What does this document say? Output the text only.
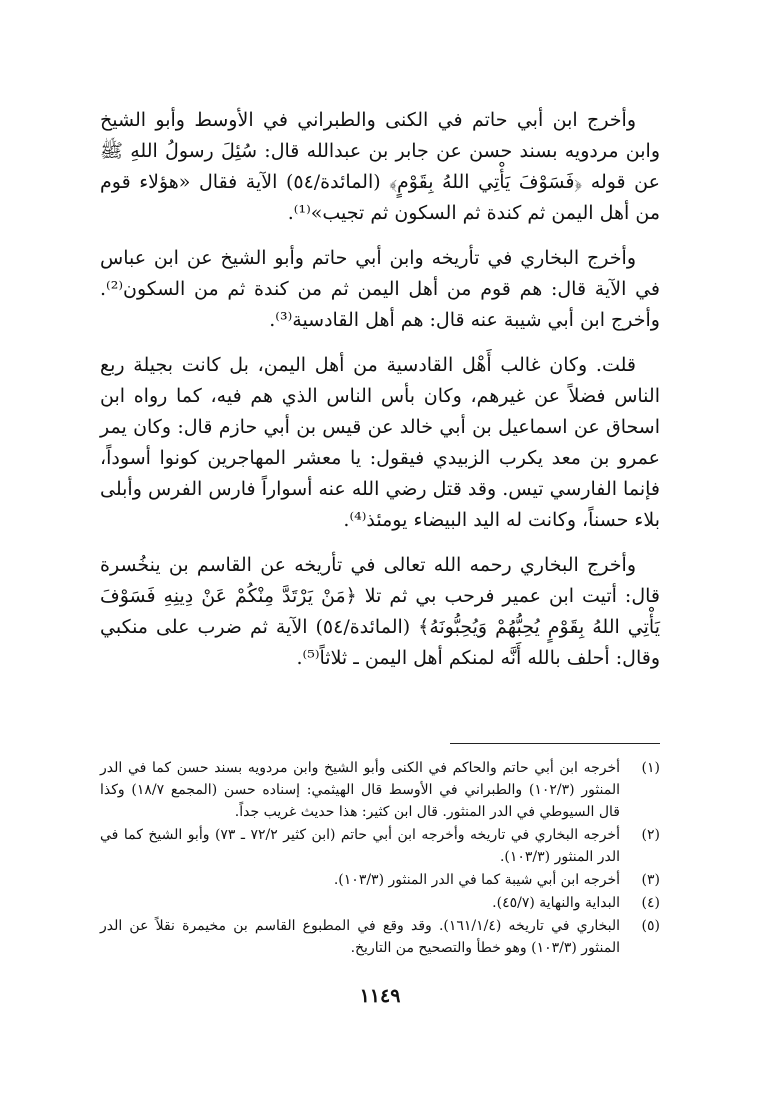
وأخرج ابن أبي حاتم في الكنى والطبراني في الأوسط وأبو الشيخ وابن مردويه بسند حسن عن جابر بن عبدالله قال: سُئِلَ رسولُ اللهِ ﷺ عن قوله ﴿فَسَوْفَ يَأْتِي اللهُ بِقَوْمٍ﴾ (المائدة/٥٤) الآية فقال «هؤلاء قوم من أهل اليمن ثم كندة ثم السكون ثم تجيب»⁽¹⁾.

وأخرج البخاري في تأريخه وابن أبي حاتم وأبو الشيخ عن ابن عباس في الآية قال: هم قوم من أهل اليمن ثم من كندة ثم من السكون⁽²⁾. وأخرج ابن أبي شيبة عنه قال: هم أهل القادسية⁽³⁾.

قلت. وكان غالب أَهْل القادسية من أهل اليمن، بل كانت بجيلة ربع الناس فضلاً عن غيرهم، وكان بأس الناس الذي هم فيه، كما رواه ابن اسحاق عن اسماعيل بن أبي خالد عن قيس بن أبي حازم قال: وكان يمر عمرو بن معد يكرب الزبيدي فيقول: يا معشر المهاجرين كونوا أسوداً، فإنما الفارسي تيس. وقد قتل رضي الله عنه أسواراً فارس الفرس وأبلى بلاء حسناً، وكانت له اليد البيضاء يومئذ⁽⁴⁾.

وأخرج البخاري رحمه الله تعالى في تأريخه عن القاسم بن ينخُسرة قال: أتيت ابن عمير فرحب بي ثم تلا ﴿مَنْ يَرْتَدَّ مِنْكُمْ عَنْ دِينِهِ فَسَوْفَ يَأْتِي اللهُ بِقَوْمٍ يُحِبُّهُمْ وَيُحِبُّونَهُ﴾ (المائدة/٥٤) الآية ثم ضرب على منكبي وقال: أحلف بالله أَنَّه لمنكم أهل اليمن ـ ثلاثاً⁽⁵⁾.

(١)
أخرجه ابن أبي حاتم والحاكم في الكنى وأبو الشيخ وابن مردويه بسند حسن كما في الدر المنثور (١٠٢/٣) والطبراني في الأوسط قال الهيثمي: إسناده حسن (المجمع ١٨/٧) وكذا قال السيوطي في الدر المنثور. قال ابن كثير: هذا حديث غريب جداً.
(٢)
أخرجه البخاري في تاريخه وأخرجه ابن أبي حاتم (ابن كثير ٧٢/٢ ـ ٧٣) وأبو الشيخ كما في الدر المنثور (١٠٣/٣).
(٣)
أخرجه ابن أبي شيبة كما في الدر المنثور (١٠٣/٣).
(٤)
البداية والنهاية (٤٥/٧).
(٥)
البخاري في تاريخه (١٦١/١/٤). وقد وقع في المطبوع القاسم بن مخيمرة نقلاً عن الدر المنثور (١٠٣/٣) وهو خطأ والتصحيح من التاريخ.
١١٤٩
